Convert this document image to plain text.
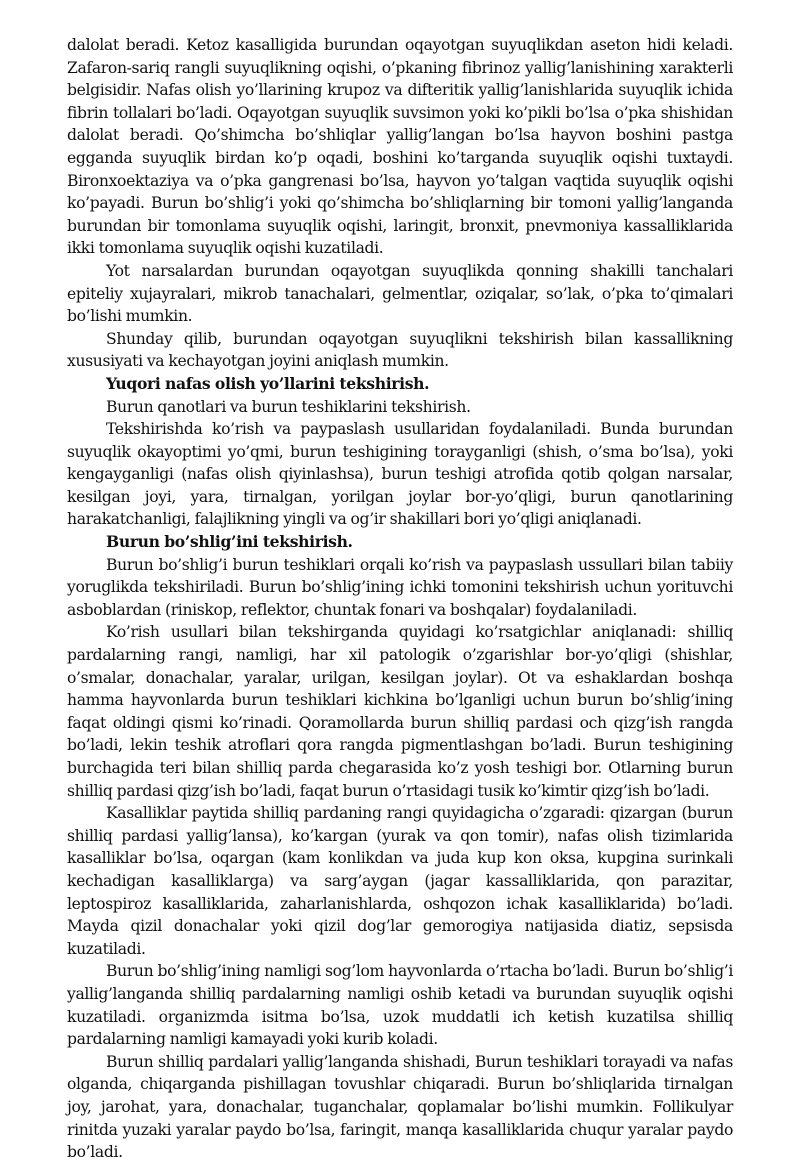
dalolat beradi. Ketoz kasalligida burundan oqayotgan suyuqlikdan aseton hidi keladi. Zafaron-sariq rangli suyuqlikning oqishi, o’pkaning fibrinoz yallig’lanishining xarakterli belgisidir. Nafas olish yo’llarining krupoz va difteritik yallig’lanishlarida suyuqlik ichida fibrin tollalari bo’ladi. Oqayotgan suyuqlik suvsimon yoki ko’pikli bo’lsa o’pka shishidan dalolat beradi. Qo’shimcha bo’shliqlar yallig’langan bo’lsa hayvon boshini pastga egganda suyuqlik birdan ko’p oqadi, boshini ko’targanda suyuqlik oqishi tuxtaydi. Bironxoektaziya va o’pka gangrenasi bo’lsa, hayvon yo’talgan vaqtida suyuqlik oqishi ko’payadi. Burun bo’shlig’i yoki qo’shimcha bo’shliqlarning bir tomoni yallig’langanda burundan bir tomonlama suyuqlik oqishi, laringit, bronxit, pnevmoniya kassalliklarida ikki tomonlama suyuqlik oqishi kuzatiladi.

Yot narsalardan burundan oqayotgan suyuqlikda qonning shakilli tanchalari epiteliy xujayralari, mikrob tanachalari, gelmentlar, oziqalar, so’lak, o’pka to’qimalari bo’lishi mumkin.

Shunday qilib, burundan oqayotgan suyuqlikni tekshirish bilan kassallikning xususiyati va kechayotgan joyini aniqlash mumkin.

Yuqori nafas olish yo’llarini tekshirish.

Burun qanotlari va burun teshiklarini tekshirish.

Tekshirishda ko’rish va paypaslash usullaridan foydalaniladi. Bunda burundan suyuqlik okayoptimi yo’qmi, burun teshigining torayganligi (shish, o’sma bo’lsa), yoki kengayganligi (nafas olish qiyinlashsa), burun teshigi atrofida qotib qolgan narsalar, kesilgan joyi, yara, tirnalgan, yorilgan joylar bor-yo’qligi, burun qanotlarining harakatchanligi, falajlikning yingli va og’ir shakillari bori yo’qligi aniqlanadi.

Burun bo’shlig’ini tekshirish.

Burun bo’shlig’i burun teshiklari orqali ko’rish va paypaslash ussullari bilan tabiiy yoruglikda tekshiriladi. Burun bo’shlig’ining ichki tomonini tekshirish uchun yorituvchi asboblardan (riniskop, reflektor, chuntak fonari va boshqalar) foydalaniladi.

Ko’rish usullari bilan tekshirganda quyidagi ko’rsatgichlar aniqlanadi: shilliq pardalarning rangi, namligi, har xil patologik o’zgarishlar bor-yo’qligi (shishlar, o’smalar, donachalar, yaralar, urilgan, kesilgan joylar). Ot va eshaklardan boshqa hamma hayvonlarda burun teshiklari kichkina bo’lganligi uchun burun bo’shlig’ining faqat oldingi qismi ko’rinadi. Qoramollarda burun shilliq pardasi och qizg’ish rangda bo’ladi, lekin teshik atroflari qora rangda pigmentlashgan bo’ladi. Burun teshigining burchagida teri bilan shilliq parda chegarasida ko’z yosh teshigi bor. Otlarning burun shilliq pardasi qizg’ish bo’ladi, faqat burun o’rtasidagi tusik ko’kimtir qizg’ish bo’ladi.

Kasalliklar paytida shilliq pardaning rangi quyidagicha o’zgaradi: qizargan (burun shilliq pardasi yallig’lansa), ko’kargan (yurak va qon tomir), nafas olish tizimlarida kasalliklar bo’lsa, oqargan (kam konlikdan va juda kup kon oksa, kupgina surinkali kechadigan kasalliklarga) va sarg’aygan (jagar kassalliklarida, qon parazitar, leptospiroz kasalliklarida, zaharlanishlarda, oshqozon ichak kasalliklarida) bo’ladi. Mayda qizil donachalar yoki qizil dog’lar gemorogiya natijasida diatiz, sepsisda kuzatiladi.

Burun bo’shlig’ining namligi sog’lom hayvonlarda o’rtacha bo’ladi. Burun bo’shlig’i yallig’langanda shilliq pardalarning namligi oshib ketadi va burundan suyuqlik oqishi kuzatiladi. organizmda isitma bo’lsa, uzok muddatli ich ketish kuzatilsa shilliq pardalarning namligi kamayadi yoki kurib koladi.

Burun shilliq pardalari yallig’langanda shishadi, Burun teshiklari torayadi va nafas olganda, chiqarganda pishillagan tovushlar chiqaradi. Burun bo’shliqlarida tirnalgan joy, jarohat, yara, donachalar, tuganchalar, qoplamalar bo’lishi mumkin. Follikulyar rinitda yuzaki yaralar paydo bo’lsa, faringit, manqa kasalliklarida chuqur yaralar paydo bo’ladi.
